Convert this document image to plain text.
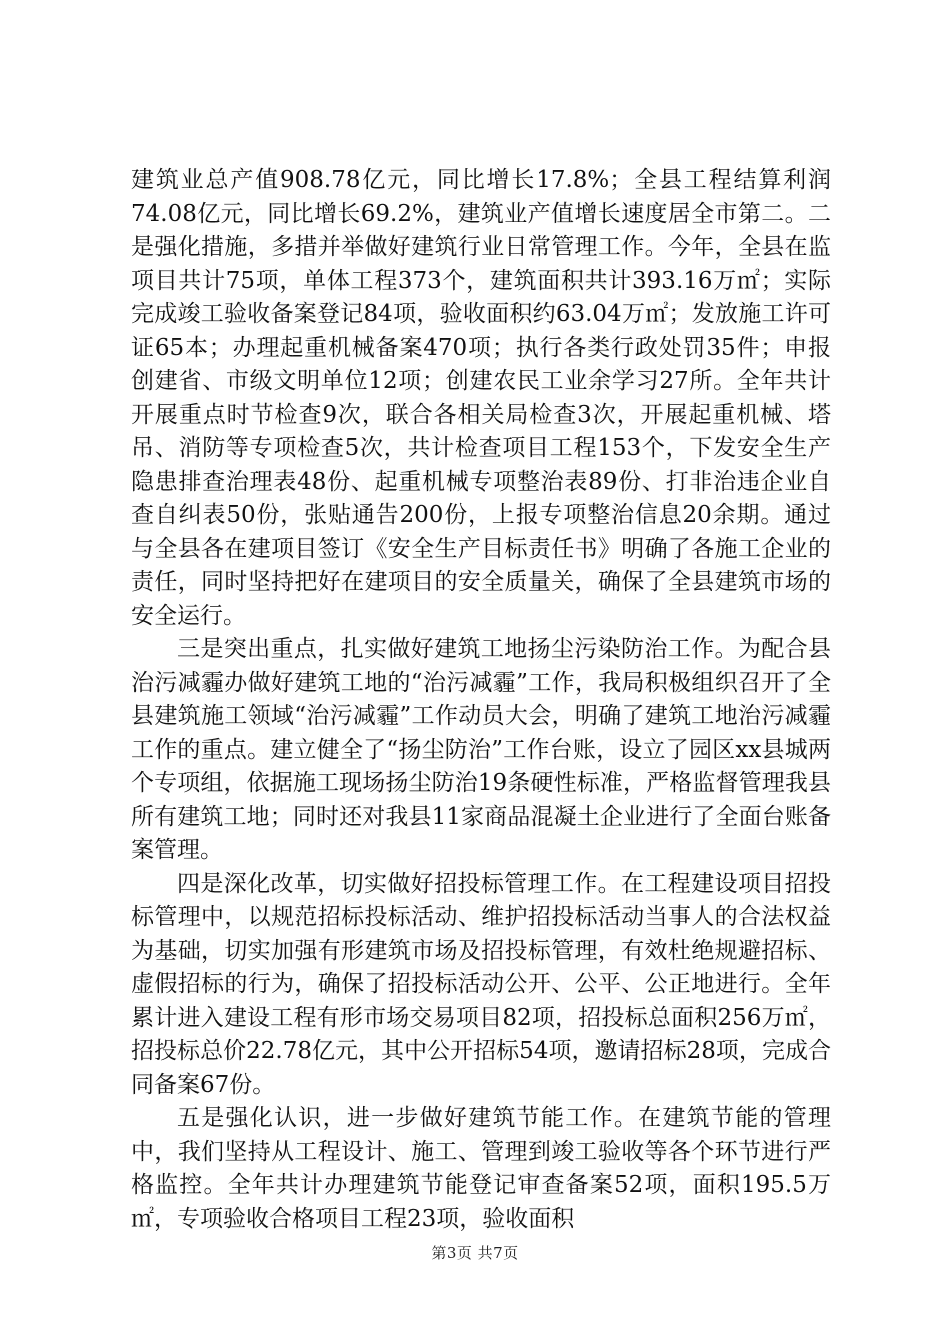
建筑业总产值908.78亿元，同比增长17.8%；全县工程结算利润74.08亿元，同比增长69.2%，建筑业产值增长速度居全市第二。二是强化措施，多措并举做好建筑行业日常管理工作。今年，全县在监项目共计75项，单体工程373个，建筑面积共计393.16万㎡；实际完成竣工验收备案登记84项，验收面积约63.04万㎡；发放施工许可证65本；办理起重机械备案470项；执行各类行政处罚35件；申报创建省、市级文明单位12项；创建农民工业余学习27所。全年共计开展重点时节检查9次，联合各相关局检查3次，开展起重机械、塔吊、消防等专项检查5次，共计检查项目工程153个，下发安全生产隐患排查治理表48份、起重机械专项整治表89份、打非治违企业自查自纠表50份，张贴通告200份，上报专项整治信息20余期。通过与全县各在建项目签订《安全生产目标责任书》明确了各施工企业的责任，同时坚持把好在建项目的安全质量关，确保了全县建筑市场的安全运行。

三是突出重点，扎实做好建筑工地扬尘污染防治工作。为配合县治污减霾办做好建筑工地的“治污减霾”工作，我局积极组织召开了全县建筑施工领域“治污减霾”工作动员大会，明确了建筑工地治污减霾工作的重点。建立健全了“扬尘防治”工作台账，设立了园区xx县城两个专项组，依据施工现场扬尘防治19条硬性标准，严格监督管理我县所有建筑工地；同时还对我县11家商品混凝土企业进行了全面台账备案管理。

四是深化改革，切实做好招投标管理工作。在工程建设项目招投标管理中，以规范招标投标活动、维护招投标活动当事人的合法权益为基础，切实加强有形建筑市场及招投标管理，有效杜绝规避招标、虚假招标的行为，确保了招投标活动公开、公平、公正地进行。全年累计进入建设工程有形市场交易项目82项，招投标总面积256万㎡，招投标总价22.78亿元，其中公开招标54项，邀请招标28项，完成合同备案67份。

五是强化认识，进一步做好建筑节能工作。在建筑节能的管理中，我们坚持从工程设计、施工、管理到竣工验收等各个环节进行严格监控。全年共计办理建筑节能登记审查备案52项，面积195.5万㎡，专项验收合格项目工程23项，验收面积

第3页 共7页
